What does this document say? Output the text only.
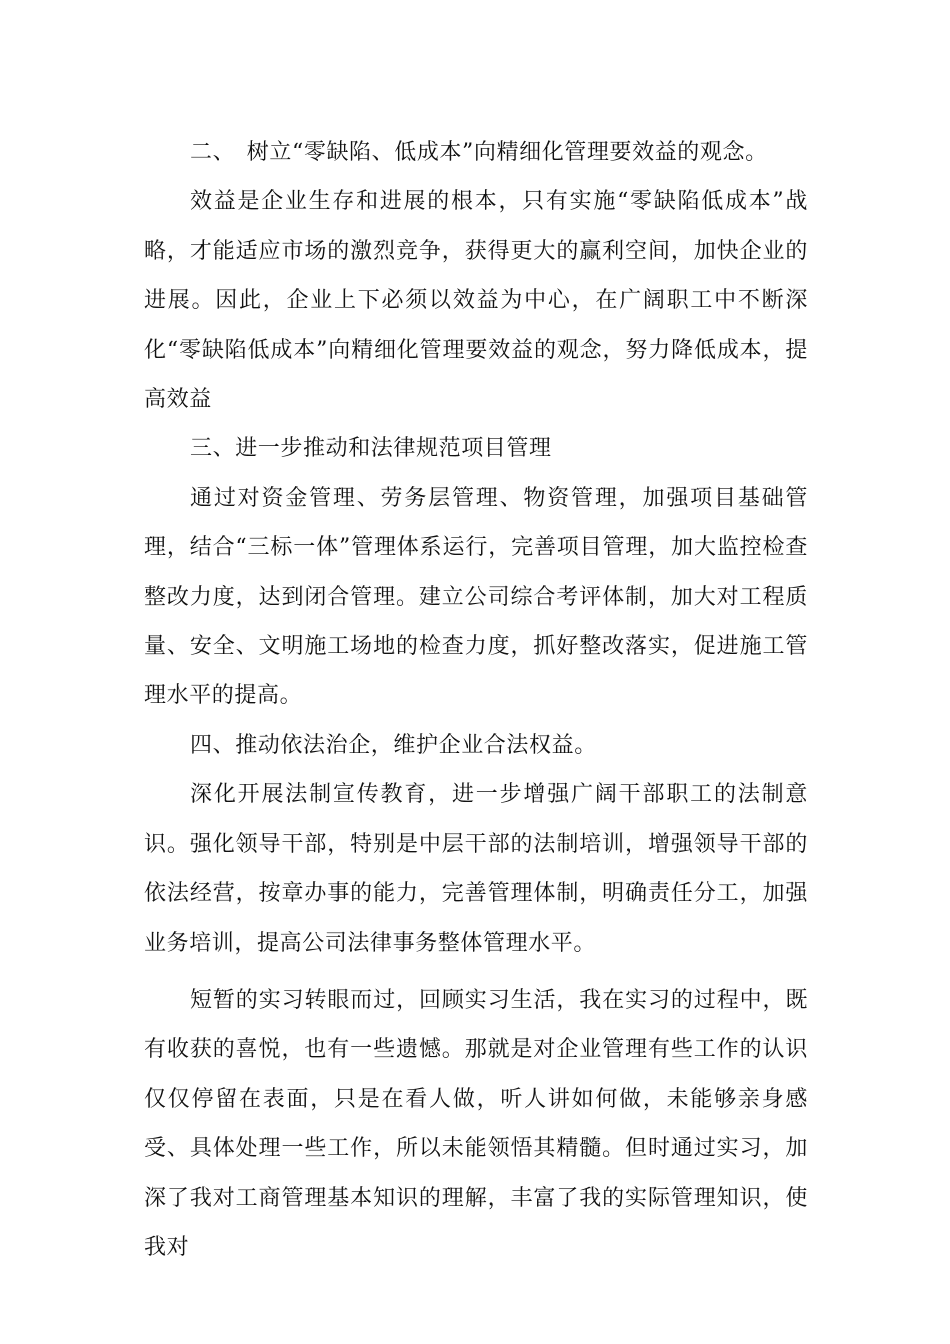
二、　树立“零缺陷、低成本”向精细化管理要效益的观念。

效益是企业生存和进展的根本，只有实施“零缺陷低成本”战略，才能适应市场的激烈竞争，获得更大的赢利空间，加快企业的进展。因此，企业上下必须以效益为中心，在广阔职工中不断深化“零缺陷低成本”向精细化管理要效益的观念，努力降低成本，提高效益

三、进一步推动和法律规范项目管理

通过对资金管理、劳务层管理、物资管理，加强项目基础管理，结合“三标一体”管理体系运行，完善项目管理，加大监控检查整改力度，达到闭合管理。建立公司综合考评体制，加大对工程质量、安全、文明施工场地的检查力度，抓好整改落实，促进施工管理水平的提高。

四、推动依法治企，维护企业合法权益。

深化开展法制宣传教育，进一步增强广阔干部职工的法制意识。强化领导干部，特别是中层干部的法制培训，增强领导干部的依法经营，按章办事的能力，完善管理体制，明确责任分工，加强业务培训，提高公司法律事务整体管理水平。

短暂的实习转眼而过，回顾实习生活，我在实习的过程中，既有收获的喜悦，也有一些遗憾。那就是对企业管理有些工作的认识仅仅停留在表面，只是在看人做，听人讲如何做，未能够亲身感受、具体处理一些工作，所以未能领悟其精髓。但时通过实习，加深了我对工商管理基本知识的理解，丰富了我的实际管理知识，使我对
